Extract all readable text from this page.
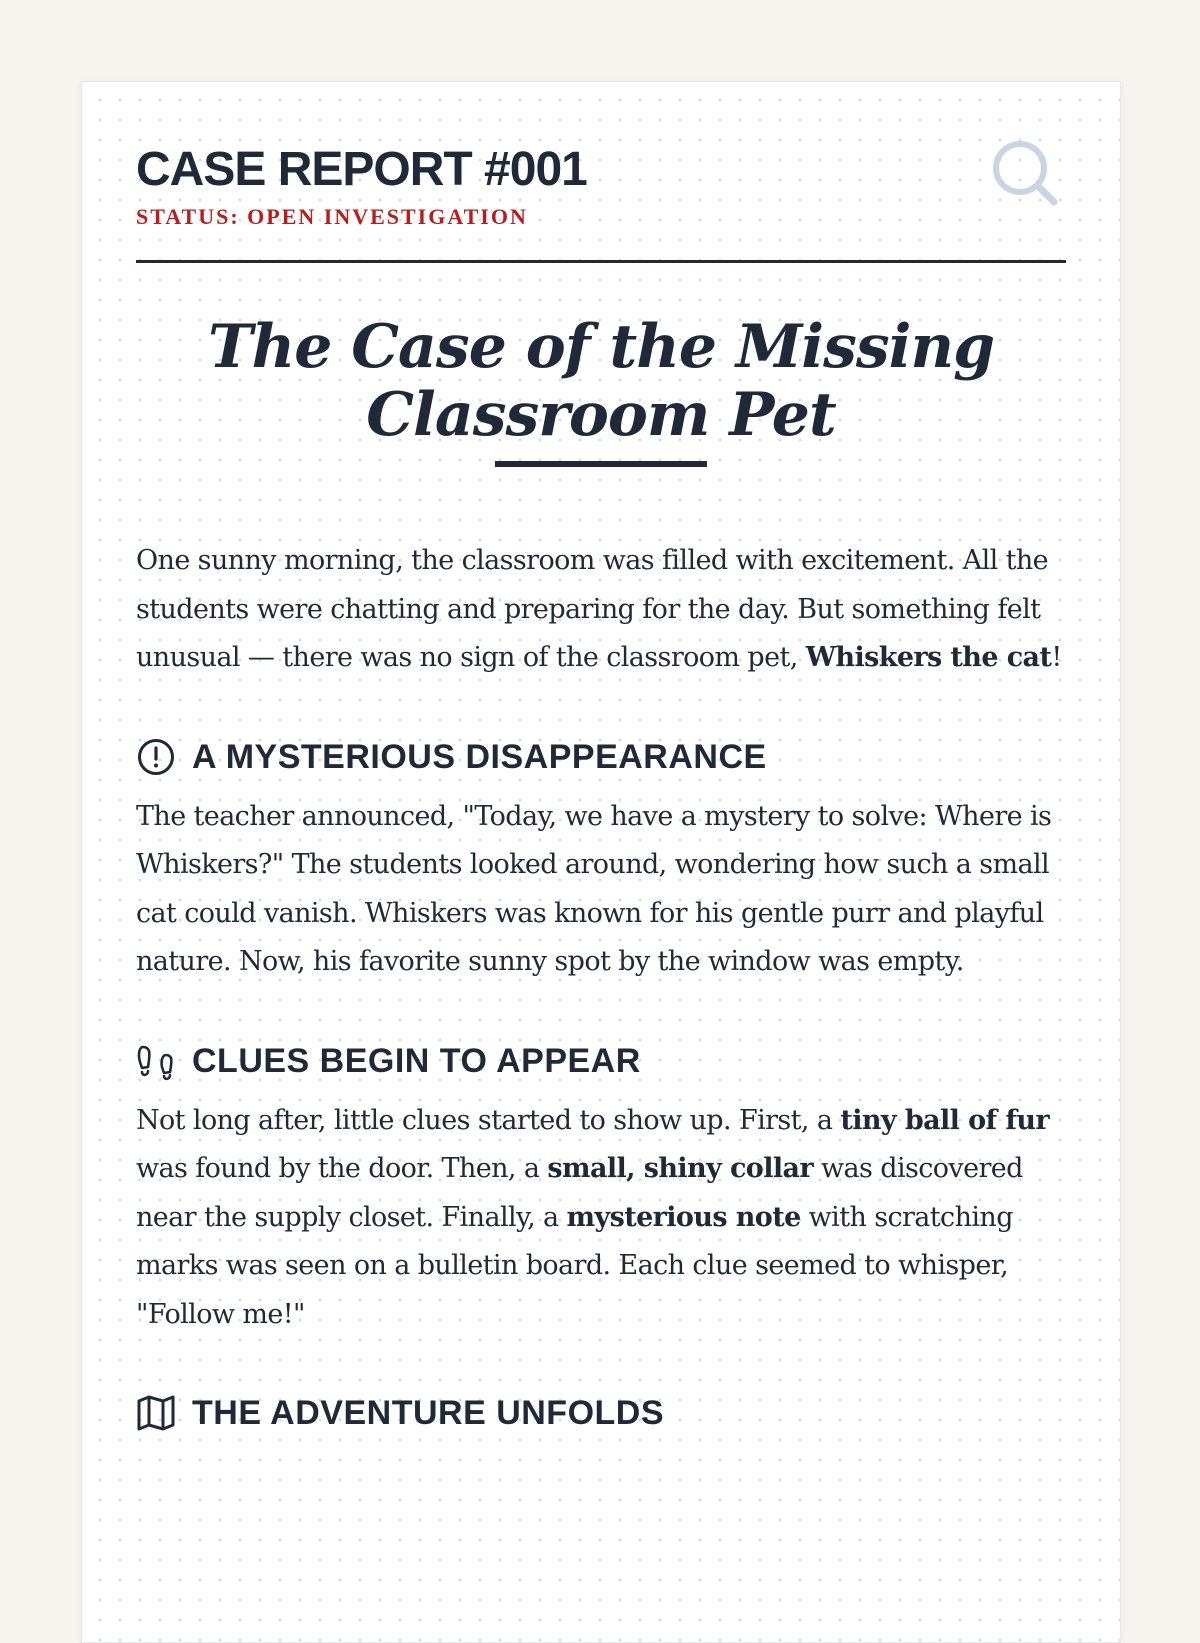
CASE REPORT #001
STATUS: OPEN INVESTIGATION
The Case of the Missing
Classroom Pet

One sunny morning, the classroom was filled with excitement. All the students were chatting and preparing for the day. But something felt unusual — there was no sign of the classroom pet, Whiskers the cat!

A MYSTERIOUS DISAPPEARANCE

The teacher announced, "Today, we have a mystery to solve: Where is Whiskers?" The students looked around, wondering how such a small cat could vanish. Whiskers was known for his gentle purr and playful nature. Now, his favorite sunny spot by the window was empty.

CLUES BEGIN TO APPEAR

Not long after, little clues started to show up. First, a tiny ball of fur was found by the door. Then, a small, shiny collar was discovered near the supply closet. Finally, a mysterious note with scratching marks was seen on a bulletin board. Each clue seemed to whisper, "Follow me!"

THE ADVENTURE UNFOLDS
